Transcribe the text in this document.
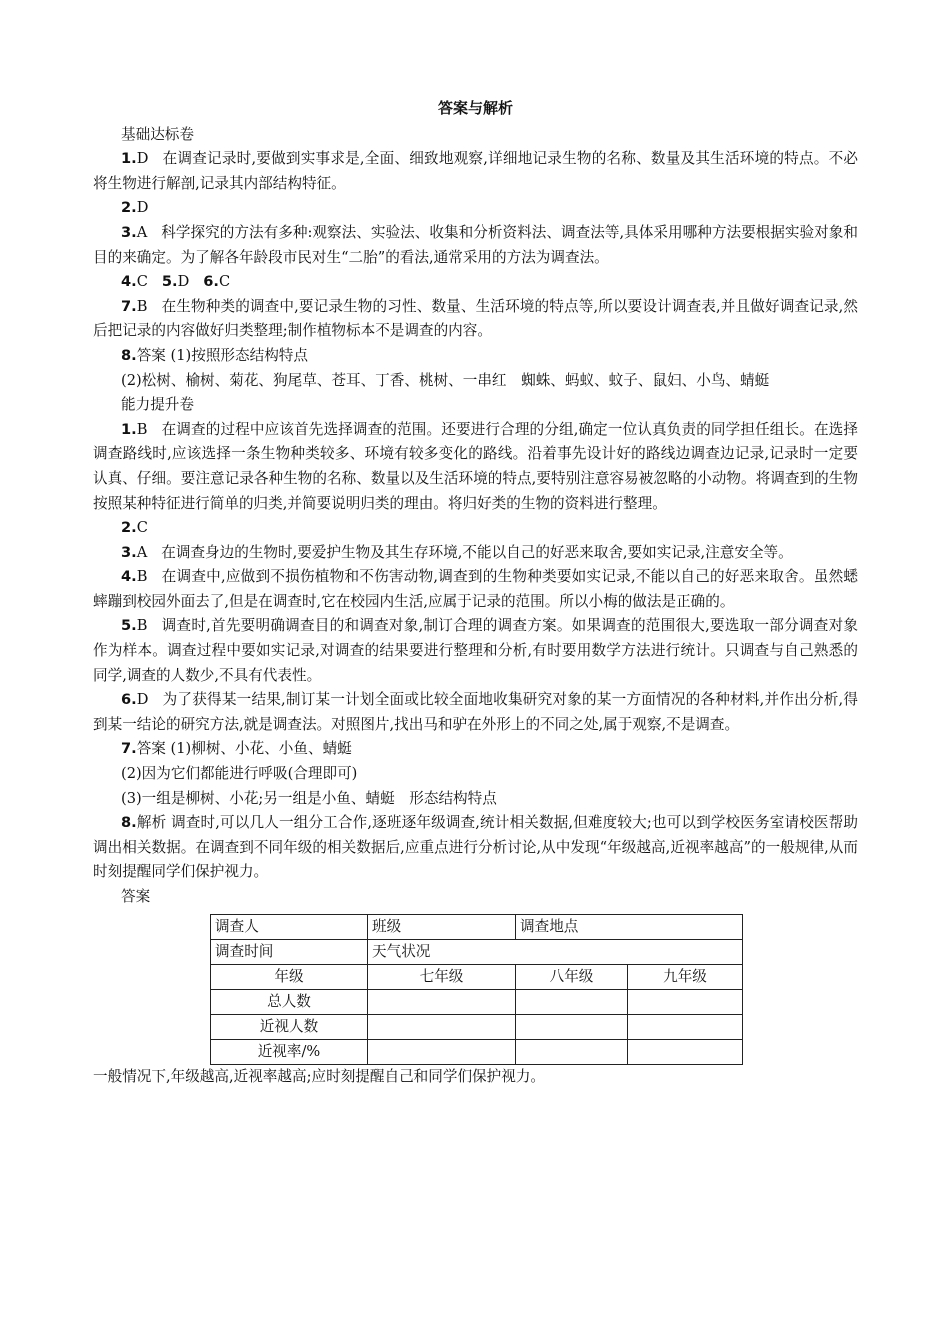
答案与解析
基础达标卷
1.D 在调查记录时,要做到实事求是,全面、细致地观察,详细地记录生物的名称、数量及其生活环境的特点。不必将生物进行解剖,记录其内部结构特征。
2.D
3.A 科学探究的方法有多种:观察法、实验法、收集和分析资料法、调查法等,具体采用哪种方法要根据实验对象和目的来确定。为了解各年龄段市民对生“二胎”的看法,通常采用的方法为调查法。
4.C 5.D 6.C
7.B 在生物种类的调查中,要记录生物的习性、数量、生活环境的特点等,所以要设计调查表,并且做好调查记录,然后把记录的内容做好归类整理;制作植物标本不是调查的内容。
8.答案 (1)按照形态结构特点
(2)松树、榆树、菊花、狗尾草、苍耳、丁香、桃树、一串红　蜘蛛、蚂蚁、蚊子、鼠妇、小鸟、蜻蜓
能力提升卷
1.B 在调查的过程中应该首先选择调查的范围。还要进行合理的分组,确定一位认真负责的同学担任组长。在选择调查路线时,应该选择一条生物种类较多、环境有较多变化的路线。沿着事先设计好的路线边调查边记录,记录时一定要认真、仔细。要注意记录各种生物的名称、数量以及生活环境的特点,要特别注意容易被忽略的小动物。将调查到的生物按照某种特征进行简单的归类,并简要说明归类的理由。将归好类的生物的资料进行整理。
2.C
3.A 在调查身边的生物时,要爱护生物及其生存环境,不能以自己的好恶来取舍,要如实记录,注意安全等。
4.B 在调查中,应做到不损伤植物和不伤害动物,调查到的生物种类要如实记录,不能以自己的好恶来取舍。虽然蟋蟀蹦到校园外面去了,但是在调查时,它在校园内生活,应属于记录的范围。所以小梅的做法是正确的。
5.B 调查时,首先要明确调查目的和调查对象,制订合理的调查方案。如果调查的范围很大,要选取一部分调查对象作为样本。调查过程中要如实记录,对调查的结果要进行整理和分析,有时要用数学方法进行统计。只调查与自己熟悉的同学,调查的人数少,不具有代表性。
6.D 为了获得某一结果,制订某一计划全面或比较全面地收集研究对象的某一方面情况的各种材料,并作出分析,得到某一结论的研究方法,就是调查法。对照图片,找出马和驴在外形上的不同之处,属于观察,不是调查。
7.答案 (1)柳树、小花、小鱼、蜻蜓
(2)因为它们都能进行呼吸(合理即可)
(3)一组是柳树、小花;另一组是小鱼、蜻蜓　形态结构特点
8.解析 调查时,可以几人一组分工合作,逐班逐年级调查,统计相关数据,但难度较大;也可以到学校医务室请校医帮助调出相关数据。在调查到不同年级的相关数据后,应重点进行分析讨论,从中发现“年级越高,近视率越高”的一般规律,从而时刻提醒同学们保护视力。
答案
调查人	班级	调查地点	
调查时间	天气状况		
年级	七年级	八年级	九年级
总人数			
近视人数			
近视率/%			
一般情况下,年级越高,近视率越高;应时刻提醒自己和同学们保护视力。
